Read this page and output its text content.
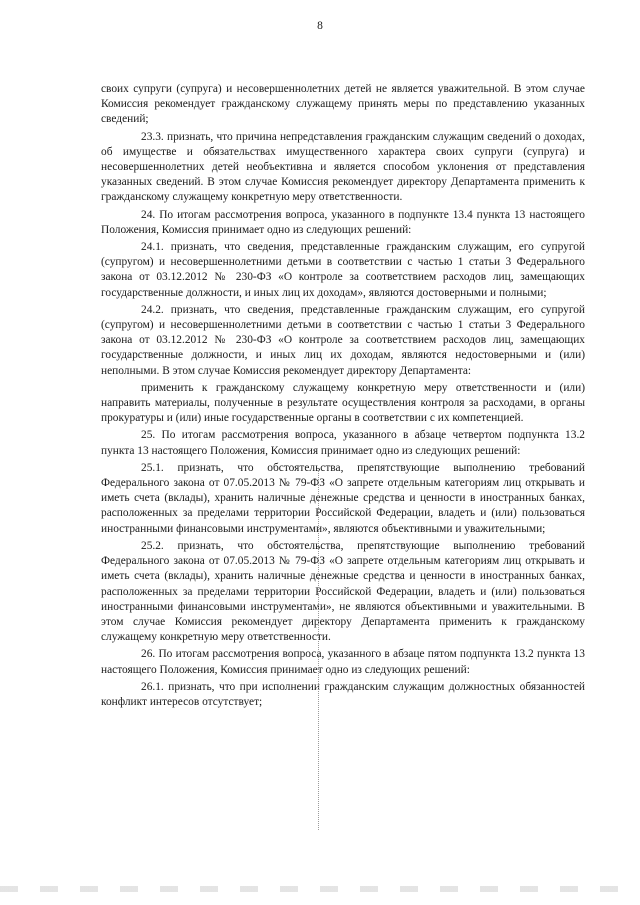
8

своих супруги (супруга) и несовершеннолетних детей не является уважительной. В этом случае Комиссия рекомендует гражданскому служащему принять меры по представлению указанных сведений;

23.3. признать, что причина непредставления гражданским служащим сведений о доходах, об имуществе и обязательствах имущественного характера своих супруги (супруга) и несовершеннолетних детей необъективна и является способом уклонения от представления указанных сведений. В этом случае Комиссия рекомендует директору Департамента применить к гражданскому служащему конкретную меру ответственности.

24. По итогам рассмотрения вопроса, указанного в подпункте 13.4 пункта 13 настоящего Положения, Комиссия принимает одно из следующих решений:

24.1. признать, что сведения, представленные гражданским служащим, его супругой (супругом) и несовершеннолетними детьми в соответствии с частью 1 статьи 3 Федерального закона от 03.12.2012 № 230-ФЗ «О контроле за соответствием расходов лиц, замещающих государственные должности, и иных лиц их доходам», являются достоверными и полными;

24.2. признать, что сведения, представленные гражданским служащим, его супругой (супругом) и несовершеннолетними детьми в соответствии с частью 1 статьи 3 Федерального закона от 03.12.2012 № 230-ФЗ «О контроле за соответствием расходов лиц, замещающих государственные должности, и иных лиц их доходам, являются недостоверными и (или) неполными. В этом случае Комиссия рекомендует директору Департамента:

применить к гражданскому служащему конкретную меру ответственности и (или) направить материалы, полученные в результате осуществления контроля за расходами, в органы прокуратуры и (или) иные государственные органы в соответствии с их компетенцией.

25. По итогам рассмотрения вопроса, указанного в абзаце четвертом подпункта 13.2 пункта 13 настоящего Положения, Комиссия принимает одно из следующих решений:

25.1. признать, что обстоятельства, препятствующие выполнению требований Федерального закона от 07.05.2013 № 79-ФЗ «О запрете отдельным категориям лиц открывать и иметь счета (вклады), хранить наличные денежные средства и ценности в иностранных банках, расположенных за пределами территории Российской Федерации, владеть и (или) пользоваться иностранными финансовыми инструментами», являются объективными и уважительными;

25.2. признать, что обстоятельства, препятствующие выполнению требований Федерального закона от 07.05.2013 № 79-ФЗ «О запрете отдельным категориям лиц открывать и иметь счета (вклады), хранить наличные денежные средства и ценности в иностранных банках, расположенных за пределами территории Российской Федерации, владеть и (или) пользоваться иностранными финансовыми инструментами», не являются объективными и уважительными. В этом случае Комиссия рекомендует директору Департамента применить к гражданскому служащему конкретную меру ответственности.

26. По итогам рассмотрения вопроса, указанного в абзаце пятом подпункта 13.2 пункта 13 настоящего Положения, Комиссия принимает одно из следующих решений:

26.1. признать, что при исполнении гражданским служащим должностных обязанностей конфликт интересов отсутствует;
